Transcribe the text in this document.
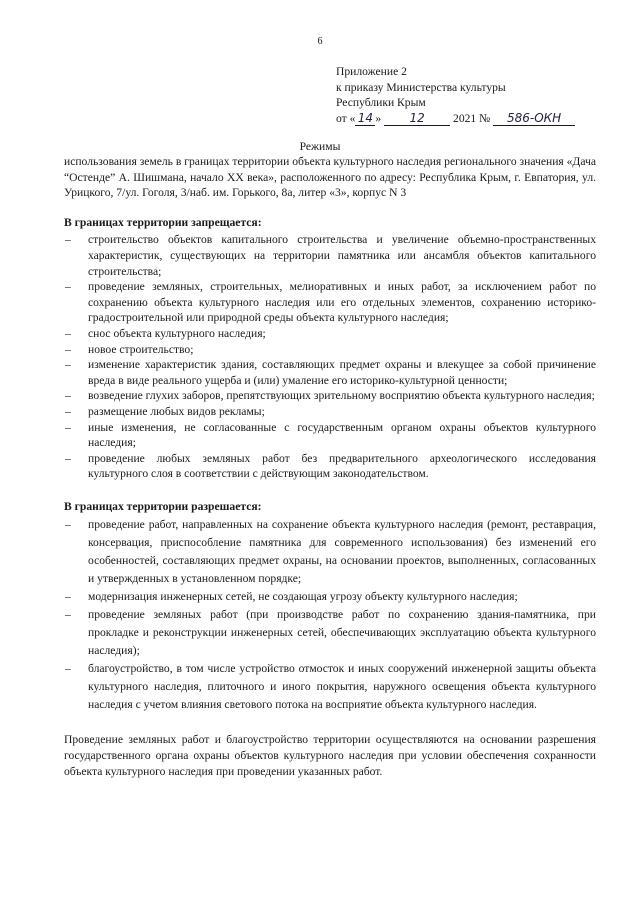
6
Приложение 2
к приказу Министерства культуры
Республики Крым
от « 14 » 12 2021 № 586-ОКН
Режимы
использования земель в границах территории объекта культурного наследия регионального значения «Дача “Остенде” А. Шишмана, начало XX века», расположенного по адресу: Республика Крым, г. Евпатория, ул. Урицкого, 7/ул. Гоголя, 3/наб. им. Горького, 8а, литер «3», корпус N 3

В границах территории запрещается:

– строительство объектов капитального строительства и увеличение объемно-пространственных характеристик, существующих на территории памятника или ансамбля объектов капитального строительства;
– проведение земляных, строительных, мелиоративных и иных работ, за исключением работ по сохранению объекта культурного наследия или его отдельных элементов, сохранению историко-градостроительной или природной среды объекта культурного наследия;
– снос объекта культурного наследия;
– новое строительство;
– изменение характеристик здания, составляющих предмет охраны и влекущее за собой причинение вреда в виде реального ущерба и (или) умаление его историко-культурной ценности;
– возведение глухих заборов, препятствующих зрительному восприятию объекта культурного наследия;
– размещение любых видов рекламы;
– иные изменения, не согласованные с государственным органом охраны объектов культурного наследия;
– проведение любых земляных работ без предварительного археологического исследования культурного слоя в соответствии с действующим законодательством.

В границах территории разрешается:

– проведение работ, направленных на сохранение объекта культурного наследия (ремонт, реставрация, консервация, приспособление памятника для современного использования) без изменений его особенностей, составляющих предмет охраны, на основании проектов, выполненных, согласованных и утвержденных в установленном порядке;
– модернизация инженерных сетей, не создающая угрозу объекту культурного наследия;
– проведение земляных работ (при производстве работ по сохранению здания-памятника, при прокладке и реконструкции инженерных сетей, обеспечивающих эксплуатацию объекта культурного наследия);
– благоустройство, в том числе устройство отмосток и иных сооружений инженерной защиты объекта культурного наследия, плиточного и иного покрытия, наружного освещения объекта культурного наследия с учетом влияния светового потока на восприятие объекта культурного наследия.
Проведение земляных работ и благоустройство территории осуществляются на основании разрешения государственного органа охраны объектов культурного наследия при условии обеспечения сохранности объекта культурного наследия при проведении указанных работ.
